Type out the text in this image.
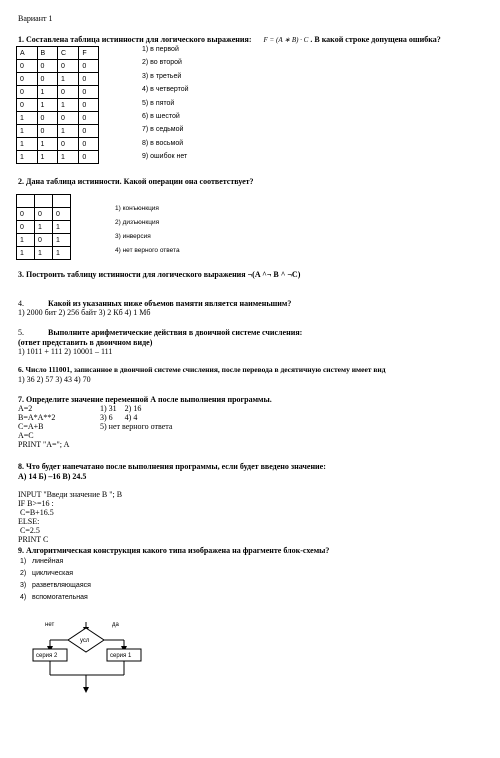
Вариант 1
1. Составлена таблица истинности для логического выражения: F = (A ∗ B) · C . В какой строке допущена ошибка?
A	B	C	F
0	0	0	0
0	0	1	0
0	1	0	0
0	1	1	0
1	0	0	0
1	0	1	0
1	1	0	0
1	1	1	0
1) в первой
2) во второй
3) в третьей
4) в четвертой
5) в пятой
6) в шестой
7) в седьмой
8) в восьмой
9) ошибок нет
2. Дана таблица истинности. Какой операции она соответствует?

0	0	0
0	1	1
1	0	1
1	1	1
1) конъюнкция
2) дизъюнкция
3) инверсия
4) нет верного ответа
3. Построить таблицу истинности для логического выражения ¬(A ^¬ B ^ ¬C)
4.	Какой из указанных ниже объемов памяти является наименьшим?
1) 2000 бит 2) 256 байт 3) 2 Кб 4) 1 Мб
5.	Выполните арифметические действия в двоичной системе счисления:
(ответ представить в двоичном виде)
1) 1011 + 111 2) 10001 – 111
6. Число 111001, записанное в двоичной системе счисления, после перевода в десятичную систему имеет вид
1) 36 2) 57 3) 43 4) 70
7. Определите значение переменной А после выполнения программы.
A=2
B=A*A**2
C=A+B
A=C
PRINT "A="; A
1) 31    2) 16
3) 6      4) 4
5) нет верного ответа
8. Что будет напечатано после выполнения программы, если будет введено значение:
А) 14 Б) –16 В) 24.5
INPUT "Введи значение В "; B
IF B>=16 :
C=B+16.5
ELSE:
C=2.5
PRINT C
9. Алгоритмическая конструкция какого типа изображена на фрагменте блок-схемы?
1)   линейная
2)   циклическая
3)   разветвляющаяся
4)   вспомогательная
нет	да
усл
серия 2	серия 1
